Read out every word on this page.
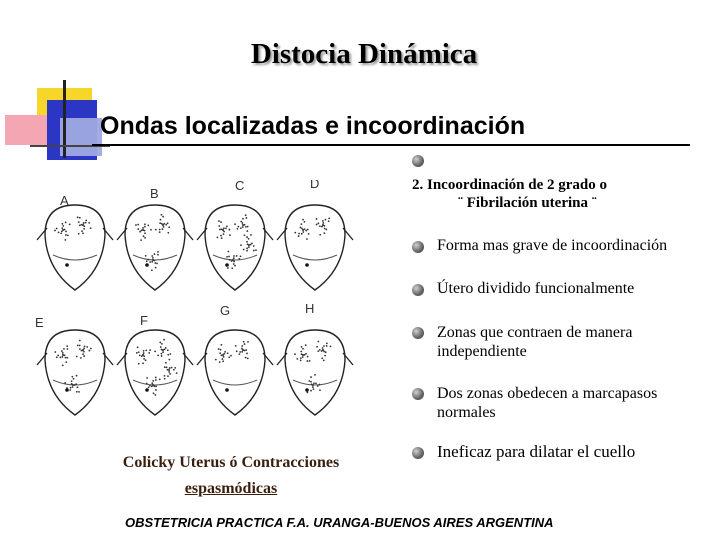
Distocia Dinámica
Ondas localizadas e incoordinación
A	B
C	D
E	F
G	H
Colicky Uterus ó Contracciones
espasmódicas
2. Incoordinación de 2 grado o
¨ Fibrilación uterina ¨
Forma mas grave de incoordinación
Útero dividido funcionalmente
Zonas que contraen de manera independiente
Dos zonas obedecen a marcapasos normales
Ineficaz para dilatar el cuello
OBSTETRICIA PRACTICA F.A. URANGA-BUENOS AIRES ARGENTINA
